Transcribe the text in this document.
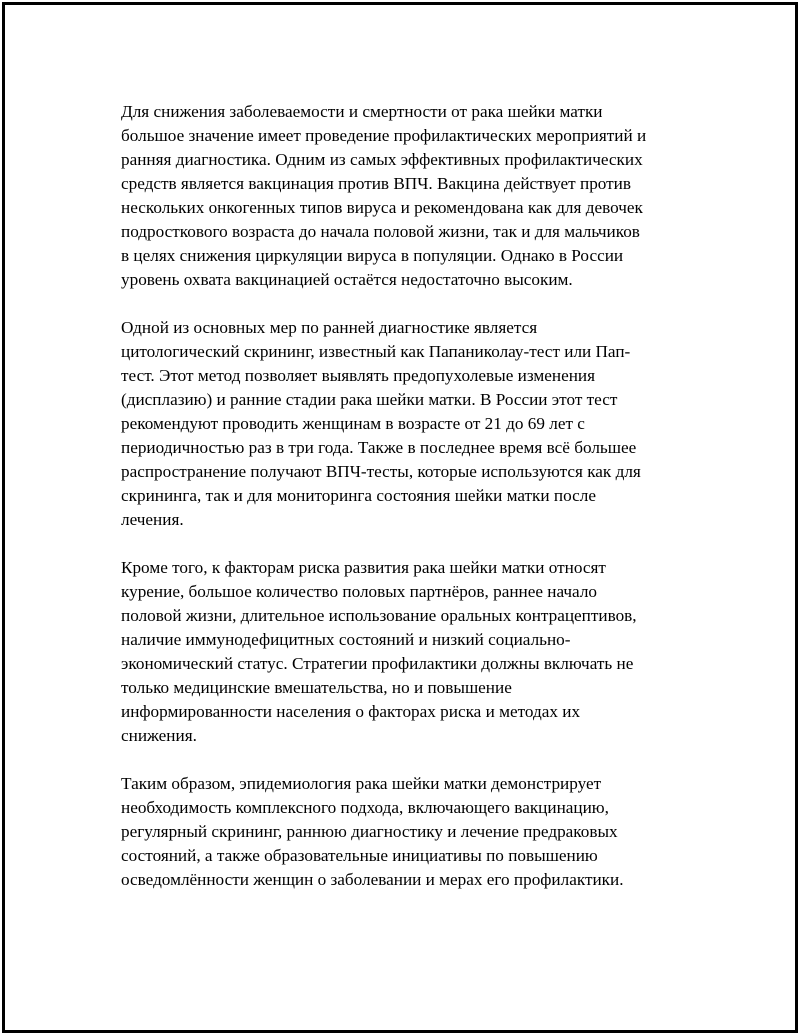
Для снижения заболеваемости и смертности от рака шейки матки
большое значение имеет проведение профилактических мероприятий и
ранняя диагностика. Одним из самых эффективных профилактических
средств является вакцинация против ВПЧ. Вакцина действует против
нескольких онкогенных типов вируса и рекомендована как для девочек
подросткового возраста до начала половой жизни, так и для мальчиков
в целях снижения циркуляции вируса в популяции. Однако в России
уровень охвата вакцинацией остаётся недостаточно высоким.

Одной из основных мер по ранней диагностике является
цитологический скрининг, известный как Папаниколау-тест или Пап-
тест. Этот метод позволяет выявлять предопухолевые изменения
(дисплазию) и ранние стадии рака шейки матки. В России этот тест
рекомендуют проводить женщинам в возрасте от 21 до 69 лет с
периодичностью раз в три года. Также в последнее время всё большее
распространение получают ВПЧ-тесты, которые используются как для
скрининга, так и для мониторинга состояния шейки матки после
лечения.

Кроме того, к факторам риска развития рака шейки матки относят
курение, большое количество половых партнёров, раннее начало
половой жизни, длительное использование оральных контрацептивов,
наличие иммунодефицитных состояний и низкий социально-
экономический статус. Стратегии профилактики должны включать не
только медицинские вмешательства, но и повышение
информированности населения о факторах риска и методах их
снижения.

Таким образом, эпидемиология рака шейки матки демонстрирует
необходимость комплексного подхода, включающего вакцинацию,
регулярный скрининг, раннюю диагностику и лечение предраковых
состояний, а также образовательные инициативы по повышению
осведомлённости женщин о заболевании и мерах его профилактики.
